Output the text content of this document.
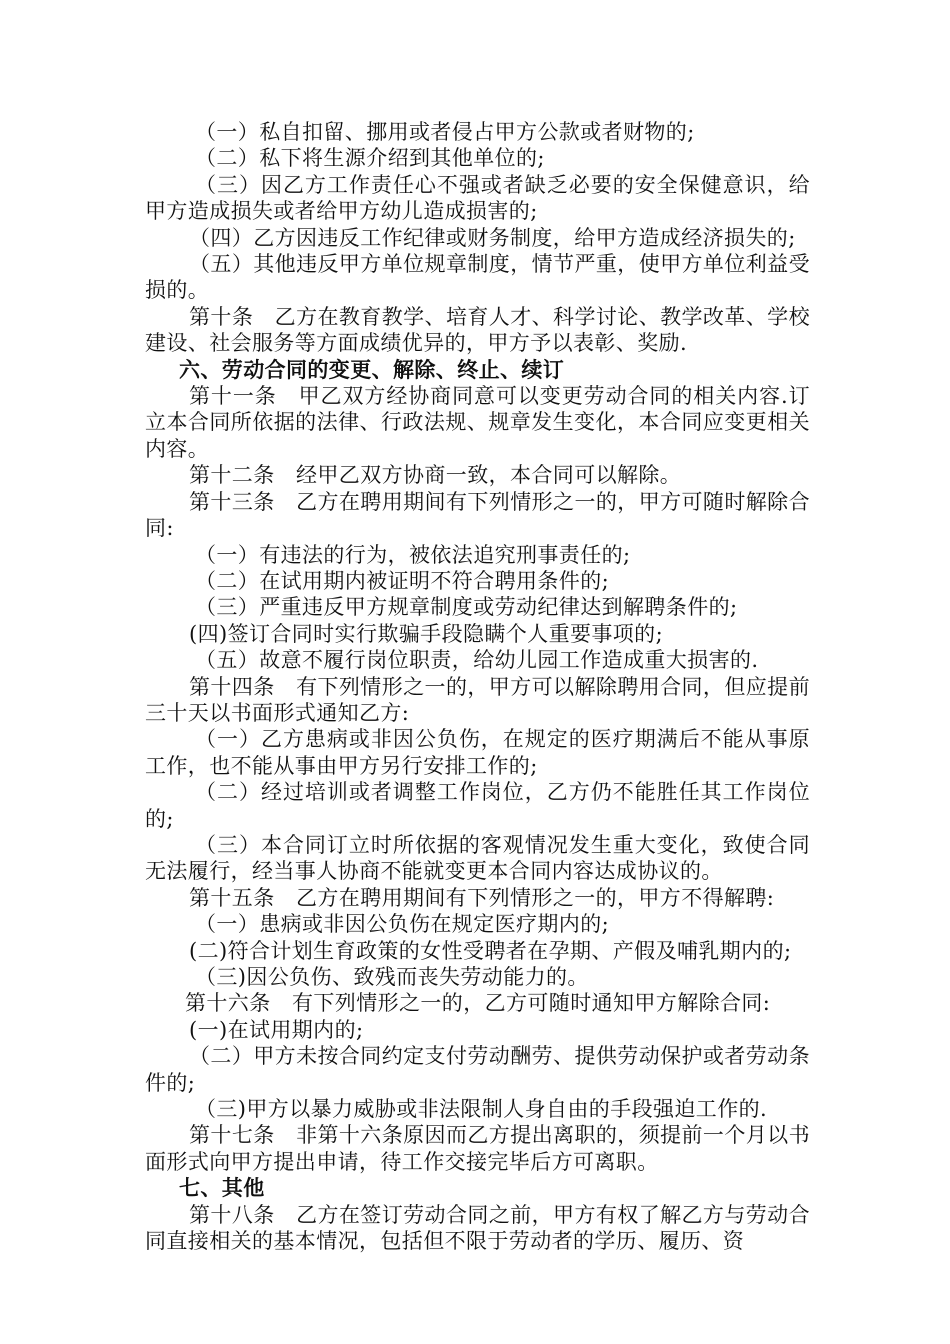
（一）私自扣留、挪用或者侵占甲方公款或者财物的;

（二）私下将生源介绍到其他单位的;

（三）因乙方工作责任心不强或者缺乏必要的安全保健意识，给甲方造成损失或者给甲方幼儿造成损害的;

（四）乙方因违反工作纪律或财务制度，给甲方造成经济损失的;

（五）其他违反甲方单位规章制度，情节严重，使甲方单位利益受损的。

第十条　乙方在教育教学、培育人才、科学讨论、教学改革、学校建设、社会服务等方面成绩优异的，甲方予以表彰、奖励.

六、劳动合同的变更、解除、终止、续订

第十一条　甲乙双方经协商同意可以变更劳动合同的相关内容.订立本合同所依据的法律、行政法规、规章发生变化，本合同应变更相关内容。

第十二条　经甲乙双方协商一致，本合同可以解除。

第十三条　乙方在聘用期间有下列情形之一的，甲方可随时解除合同:

（一）有违法的行为，被依法追究刑事责任的;

（二）在试用期内被证明不符合聘用条件的;

（三）严重违反甲方规章制度或劳动纪律达到解聘条件的;

(四)签订合同时实行欺骗手段隐瞒个人重要事项的;

（五）故意不履行岗位职责，给幼儿园工作造成重大损害的.

第十四条　有下列情形之一的，甲方可以解除聘用合同，但应提前三十天以书面形式通知乙方:

（一）乙方患病或非因公负伤，在规定的医疗期满后不能从事原工作，也不能从事由甲方另行安排工作的;

（二）经过培训或者调整工作岗位，乙方仍不能胜任其工作岗位的;

（三）本合同订立时所依据的客观情况发生重大变化，致使合同无法履行，经当事人协商不能就变更本合同内容达成协议的。

第十五条　乙方在聘用期间有下列情形之一的，甲方不得解聘:

（一）患病或非因公负伤在规定医疗期内的;

(二)符合计划生育政策的女性受聘者在孕期、产假及哺乳期内的;

（三)因公负伤、致残而丧失劳动能力的。

第十六条　有下列情形之一的，乙方可随时通知甲方解除合同:

(一)在试用期内的;

（二）甲方未按合同约定支付劳动酬劳、提供劳动保护或者劳动条件的;

（三)甲方以暴力威胁或非法限制人身自由的手段强迫工作的.

第十七条　非第十六条原因而乙方提出离职的，须提前一个月以书面形式向甲方提出申请，待工作交接完毕后方可离职。

七、其他

第十八条　乙方在签订劳动合同之前，甲方有权了解乙方与劳动合同直接相关的基本情况，包括但不限于劳动者的学历、履历、资
